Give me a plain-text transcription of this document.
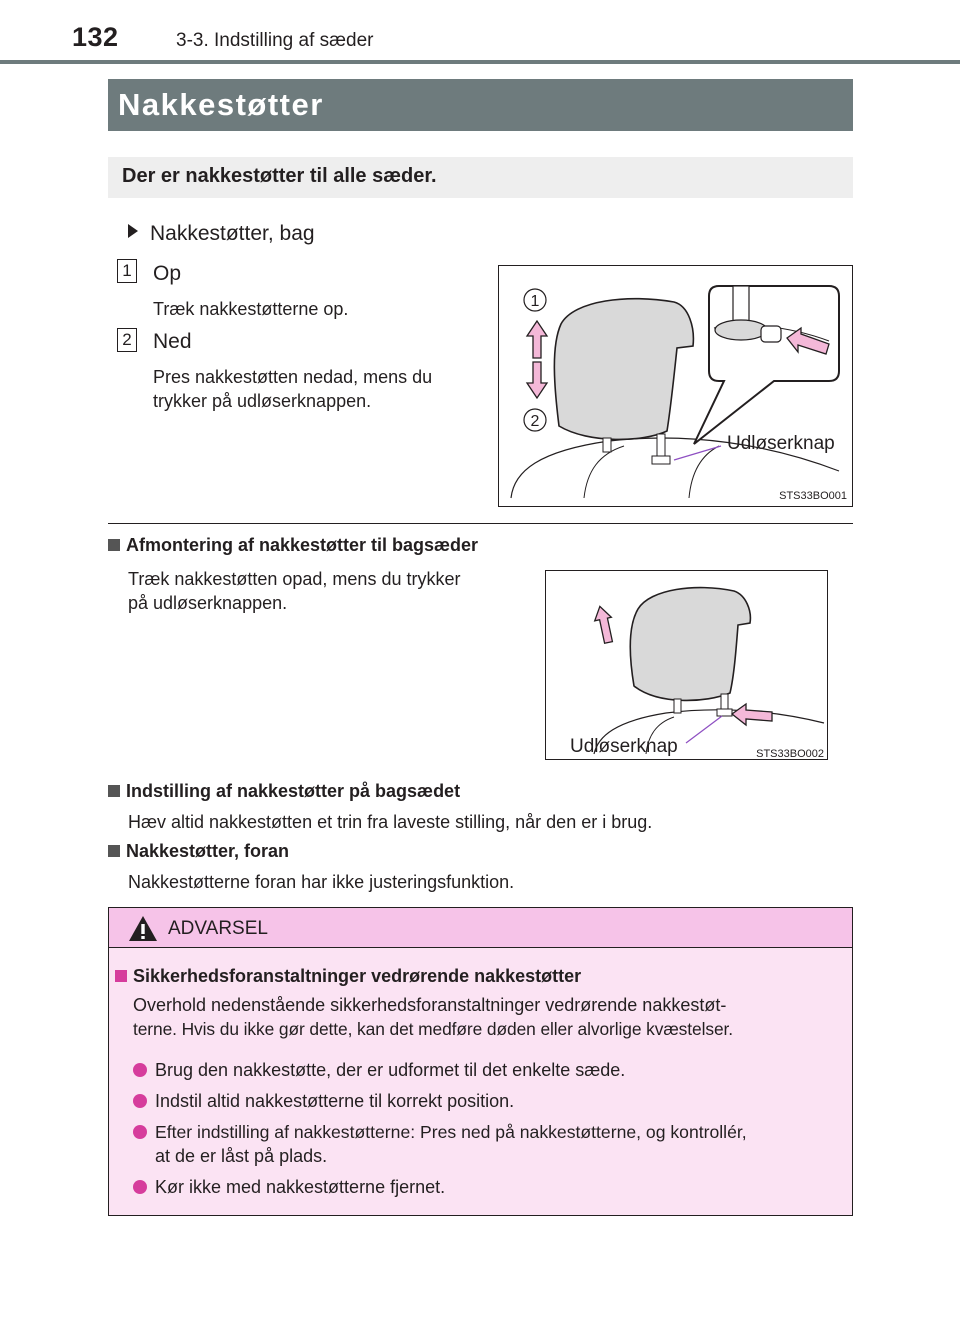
132	3-3. Indstilling af sæder
Nakkestøtter
Der er nakkestøtter til alle sæder.
Nakkestøtter, bag
1 Op
Træk nakkestøtterne op.
2 Ned
Pres nakkestøtten nedad, mens du
trykker på udløserknappen.
1
2
Udløserknap
STS33BO001
Afmontering af nakkestøtter til bagsæder
Træk nakkestøtten opad, mens du trykker
på udløserknappen.
Udløserknap	STS33BO002
Indstilling af nakkestøtter på bagsædet
Hæv altid nakkestøtten et trin fra laveste stilling, når den er i brug.
Nakkestøtter, foran
Nakkestøtterne foran har ikke justeringsfunktion.
ADVARSEL
Sikkerhedsforanstaltninger vedrørende nakkestøtter
Overhold nedenstående sikkerhedsforanstaltninger vedrørende nakkestøt-
terne. Hvis du ikke gør dette, kan det medføre døden eller alvorlige kvæstelser.
Brug den nakkestøtte, der er udformet til det enkelte sæde.
Indstil altid nakkestøtterne til korrekt position.
Efter indstilling af nakkestøtterne: Pres ned på nakkestøtterne, og kontrollér,
at de er låst på plads.
Kør ikke med nakkestøtterne fjernet.
